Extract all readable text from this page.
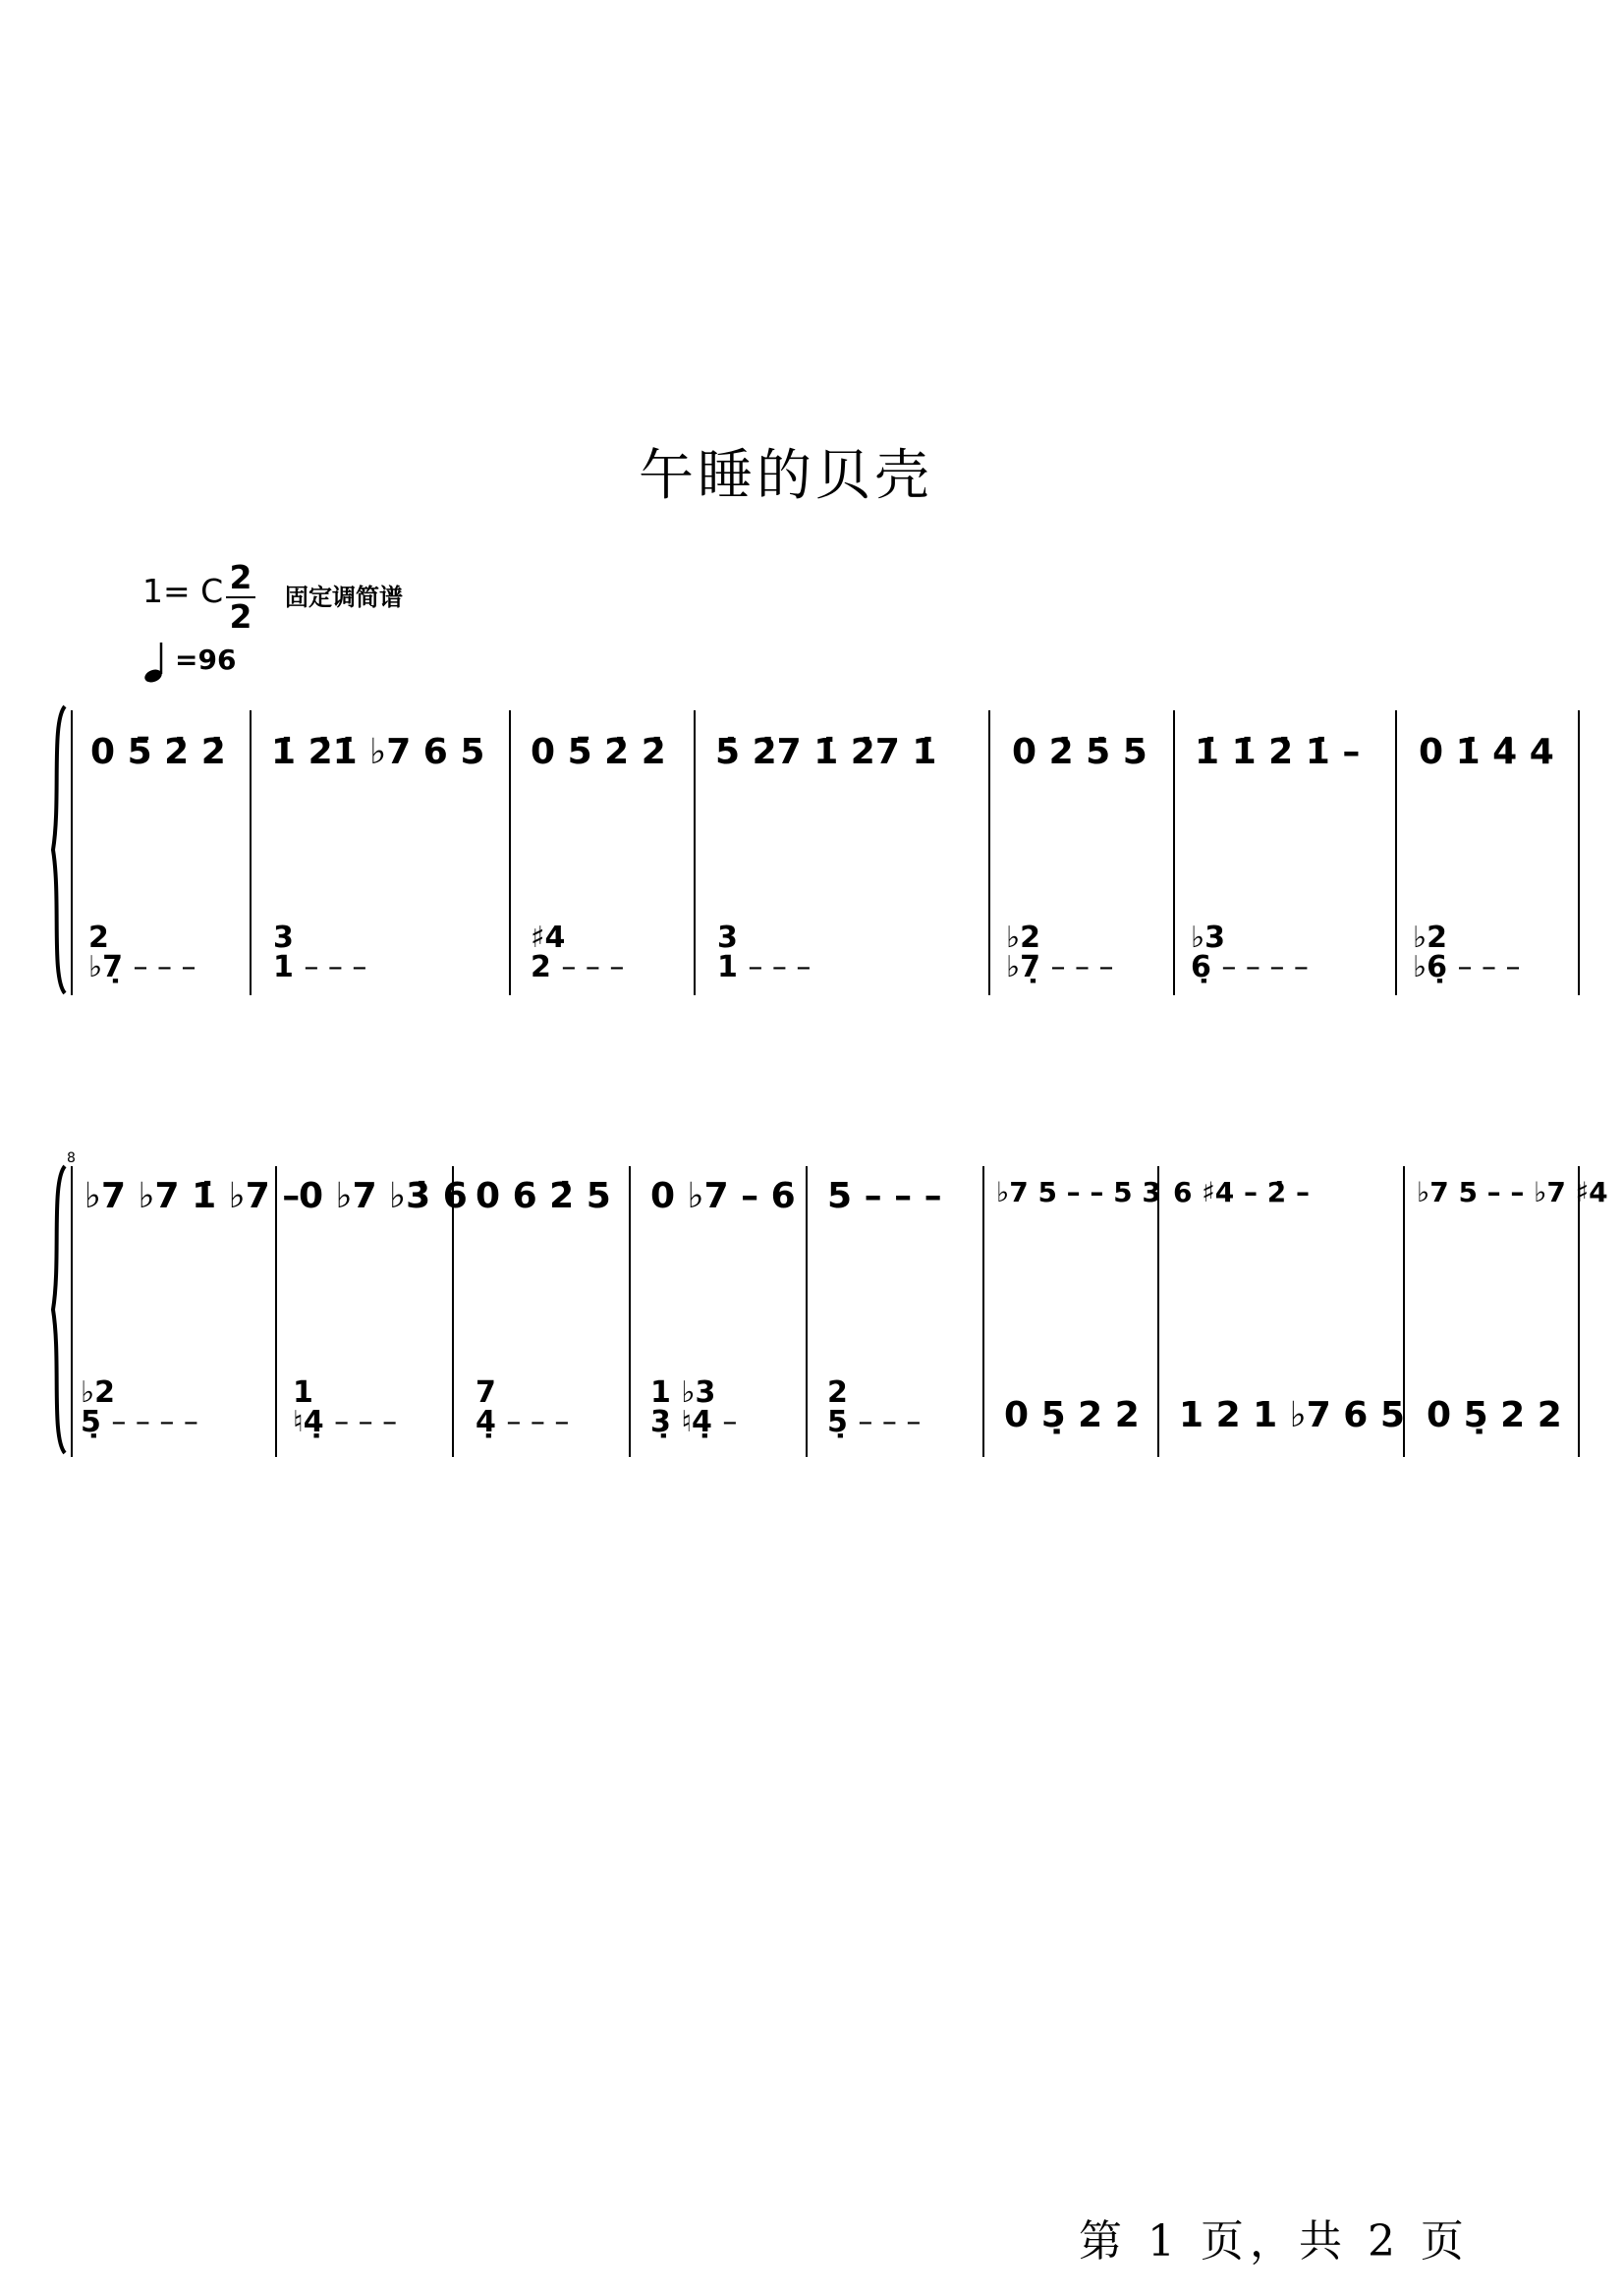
午睡的贝壳
1= C 2
2 固定调简谱
=96
0 5̄ 2̇ 2̇ 1̇ 2̇1̇ ♭7 6 5 0 5̄ 2̇ 2̇ 5̇ 2̇7 1̇ 2̇7 1̇ 0 2̇ 5̇ 5 1̇ 1̇ 2̇ 1̇ – 0 1̇ 4̇ 4
2
♭7̣ – – –
3
1 – – –
♯4
2 – – –
3
1 – – –
♭2
♭7̣ – – –
♭3
6̣ – – – –
♭2
♭6̣ – – –
8
♭7 ♭7 1̇ ♭7 –
0 ♭7 ♭3̇ 6 0 6 2̇ 5 0 ♭7 – 6 5 – – – ♭7 5 – – 5 3 6 ♯4 – 2̇ –	♭7 5 – – ♭7 ♯4
♭2
5̣ – – – –
1
♮4̣ – – –
7
4̣ – – –
1 ♭3
3̣ ♮4̣ –
2
5̣ – – – 0 5̣ 2 2 1 2 1 ♭7 6 5 0 5̣ 2 2
第 1 页，共 2 页
